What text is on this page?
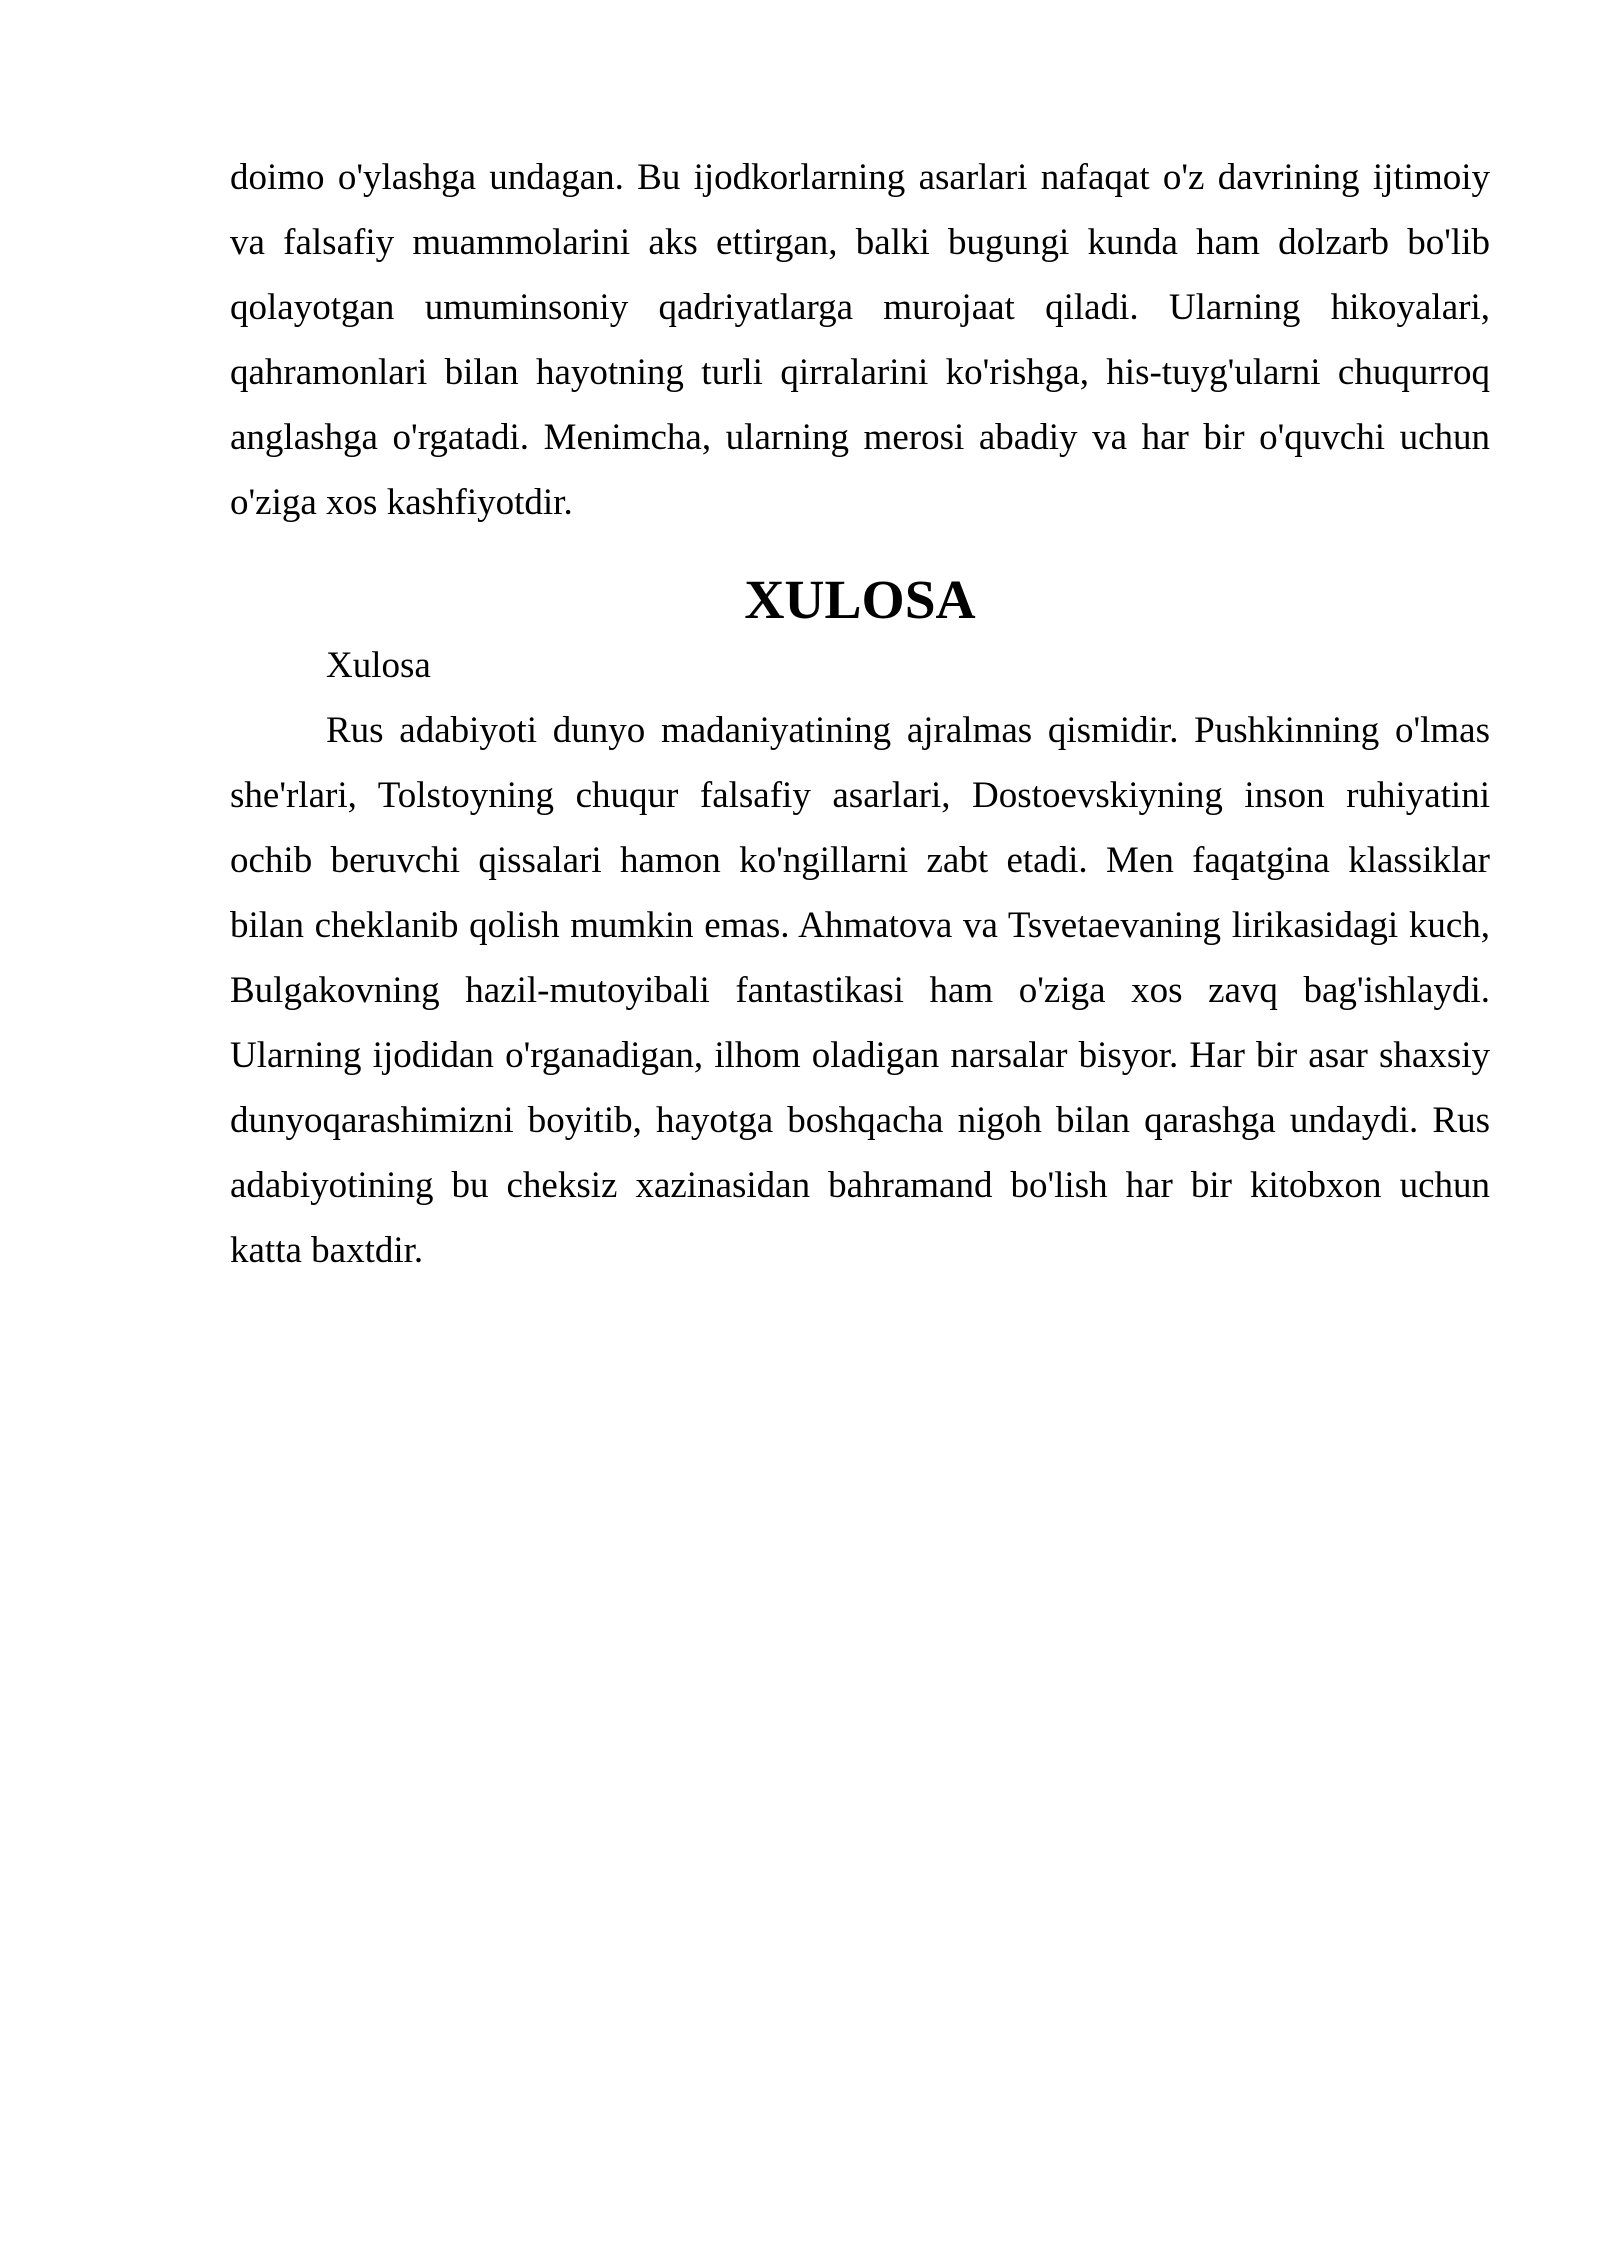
doimo o'ylashga undagan. Bu ijodkorlarning asarlari nafaqat o'z davrining ijtimoiy va falsafiy muammolarini aks ettirgan, balki bugungi kunda ham dolzarb bo'lib qolayotgan umuminsoniy qadriyatlarga murojaat qiladi. Ularning hikoyalari, qahramonlari bilan hayotning turli qirralarini ko'rishga, his-tuyg'ularni chuqurroq anglashga o'rgatadi. Menimcha, ularning merosi abadiy va har bir o'quvchi uchun o'ziga xos kashfiyotdir.

XULOSA

Xulosa

Rus adabiyoti dunyo madaniyatining ajralmas qismidir. Pushkinning o'lmas she'rlari, Tolstoyning chuqur falsafiy asarlari, Dostoevskiyning inson ruhiyatini ochib beruvchi qissalari hamon ko'ngillarni zabt etadi. Men faqatgina klassiklar bilan cheklanib qolish mumkin emas. Ahmatova va Tsvetaevaning lirikasidagi kuch, Bulgakovning hazil-mutoyibali fantastikasi ham o'ziga xos zavq bag'ishlaydi. Ularning ijodidan o'rganadigan, ilhom oladigan narsalar bisyor. Har bir asar shaxsiy dunyoqarashimizni boyitib, hayotga boshqacha nigoh bilan qarashga undaydi. Rus adabiyotining bu cheksiz xazinasidan bahramand bo'lish har bir kitobxon uchun katta baxtdir.
